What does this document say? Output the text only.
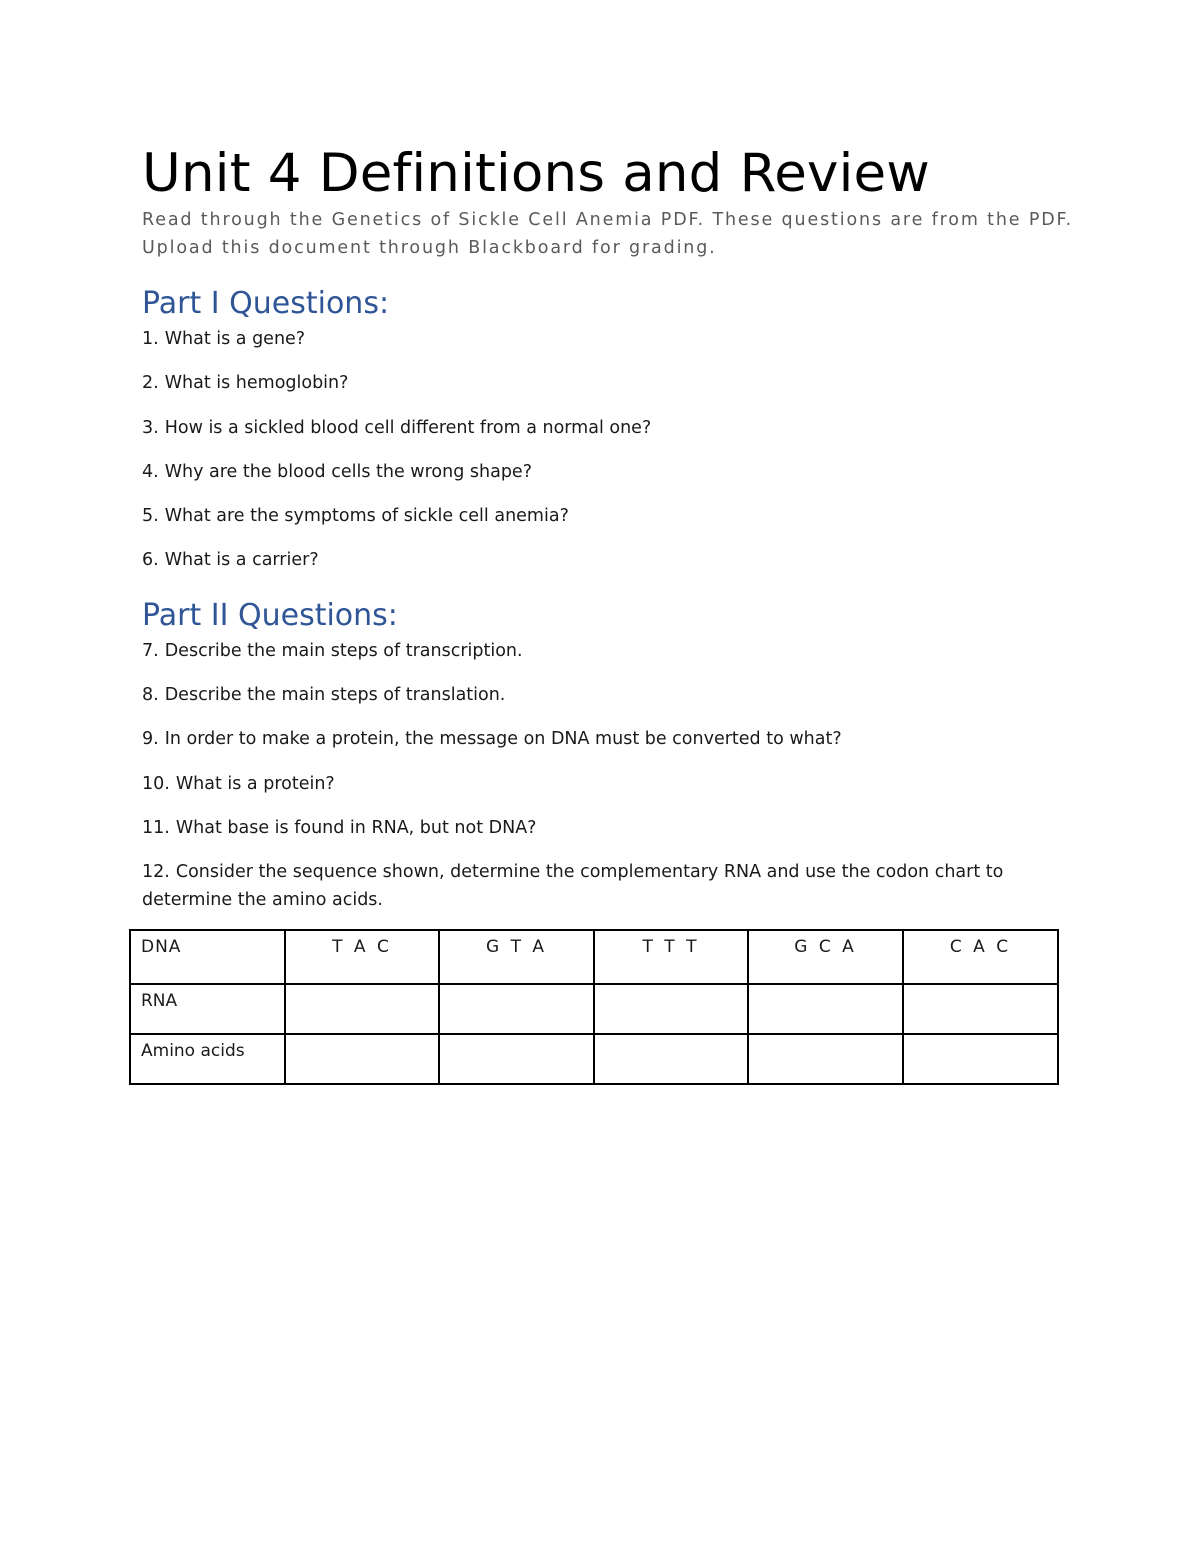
Unit 4 Definitions and Review

Read through the Genetics of Sickle Cell Anemia PDF. These questions are from the PDF.
Upload this document through Blackboard for grading.

Part I Questions:

1. What is a gene?

2. What is hemoglobin?

3. How is a sickled blood cell different from a normal one?

4. Why are the blood cells the wrong shape?

5. What are the symptoms of sickle cell anemia?

6. What is a carrier?

Part II Questions:

7. Describe the main steps of transcription.

8. Describe the main steps of translation.

9. In order to make a protein, the message on DNA must be converted to what?

10. What is a protein?

11. What base is found in RNA, but not DNA?

12. Consider the sequence shown, determine the complementary RNA and use the codon chart to

determine the amino acids.

DNA	T A C	G T A	T T T	G C A	C A C
RNA					
Amino acids					
